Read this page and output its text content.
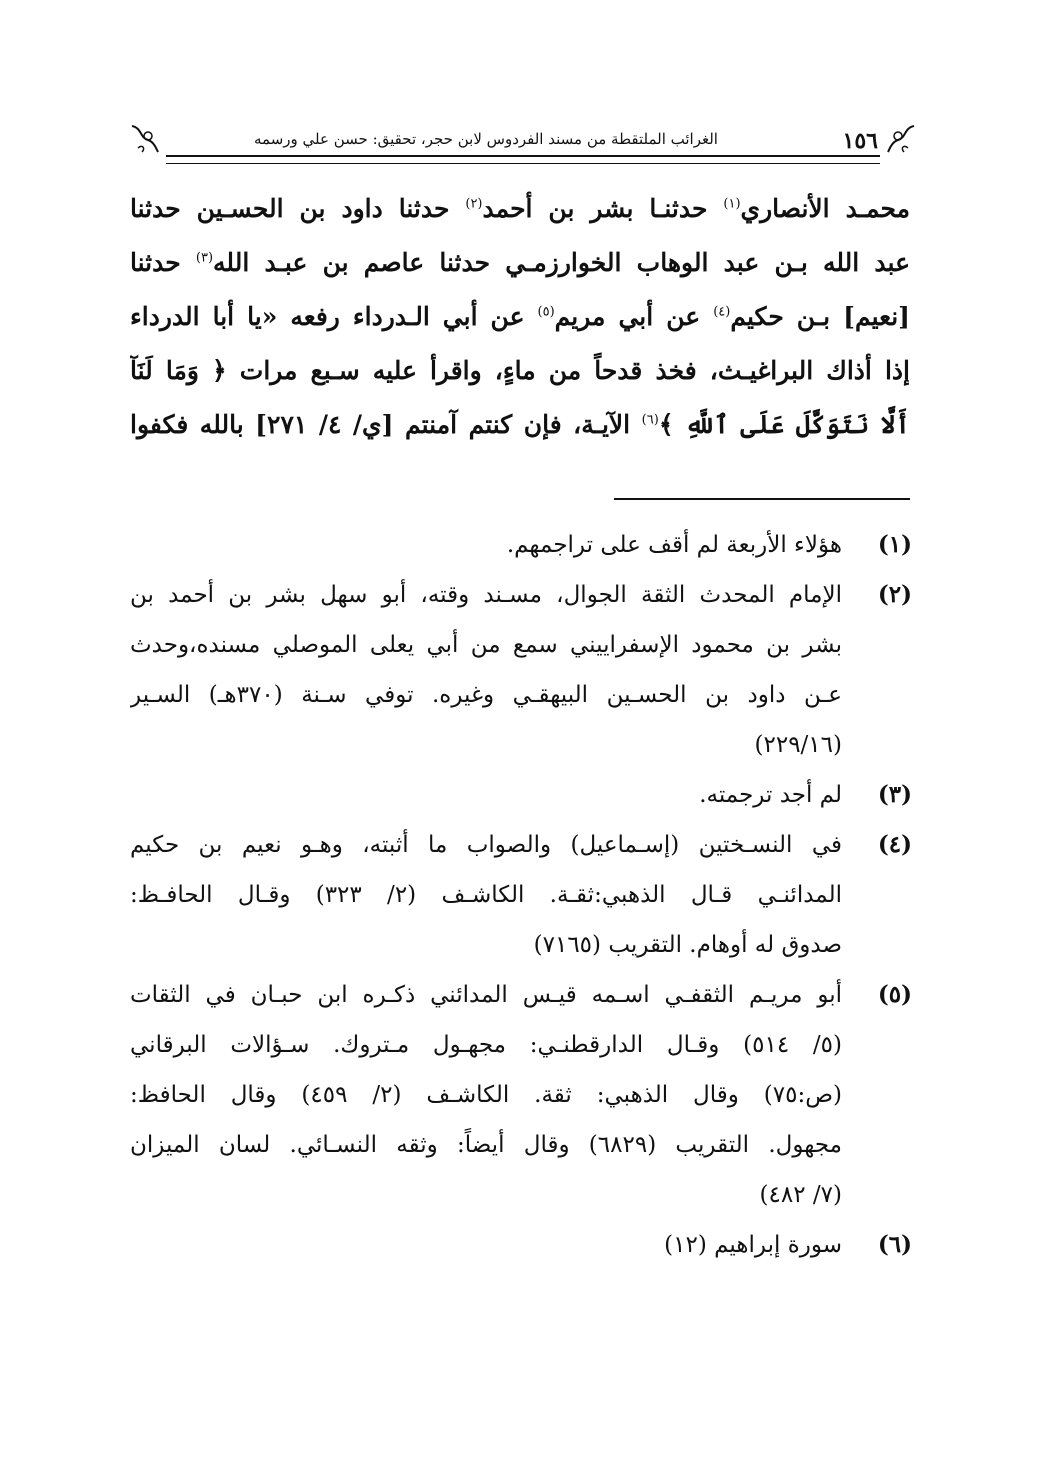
١٥٦
الغرائب الملتقطة من مسند الفردوس لابن حجر، تحقيق: حسن علي ورسمه
محمـد الأنصاري$^{(١)}$ حدثنـا بشر بن أحمد$^{(٢)}$ حدثنا داود بن الحسـين حدثنا
عبد الله بـن عبد الوهاب الخوارزمـي حدثنا عاصم بن عبـد الله$^{(٣)}$ حدثنا
[نعيم] بـن حكيم$^{(٤)}$ عن أبي مريم$^{(٥)}$ عن أبي الـدرداء رفعه «يا أبا الدرداء
إذا أذاك البراغيـث، فخذ قدحاً من ماءٍ، واقرأ عليه سـبع مرات ﴿ وَمَا لَنَآ
أَلَّا نَتَوَكَّلَ عَلَى ٱللَّهِ ﴾$^{(٦)}$ الآيـة، فإن كنتم آمنتم [ي/ ٤/ ٢٧١] بالله فكفوا
(١)
هؤلاء الأربعة لم أقف على تراجمهم.
(٢)
الإمام المحدث الثقة الجوال، مسـند وقته، أبو سهل بشر بن أحمد بن
بشر بن محمود الإسفراييني سمع من أبي يعلى الموصلي مسنده،وحدث
عـن داود بن الحسـين البيهقـي وغيره. توفي سـنة (٣٧٠هـ) السـير
(٢٢٩/١٦)
(٣)
لم أجد ترجمته.
(٤)
في النسـختين (إسـماعيل) والصواب ما أثبته، وهـو نعيم بن حكيم
المدائنـي قـال الذهبي:ثقـة. الكاشـف (٢/ ٣٢٣) وقـال الحافـظ:
صدوق له أوهام. التقريب (٧١٦٥)
(٥)
أبو مريـم الثقفـي اسـمه قيـس المدائني ذكـره ابن حبـان في الثقات
(٥/ ٥١٤) وقـال الدارقطنـي: مجهـول مـتروك. سـؤالات البرقاني
(ص:٧٥) وقال الذهبي: ثقة. الكاشـف (٢/ ٤٥٩) وقال الحافظ:
مجهول. التقريب (٦٨٢٩) وقال أيضاً: وثقه النسـائي. لسان الميزان
(٧/ ٤٨٢)
(٦)
سورة إبراهيم (١٢)
